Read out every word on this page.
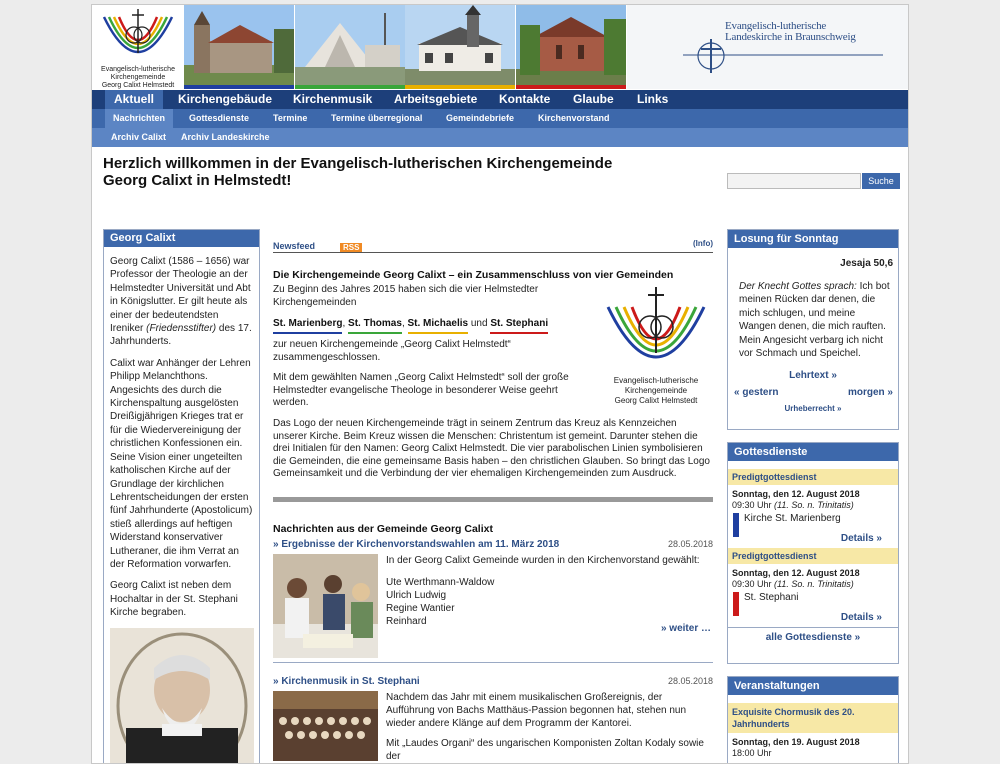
Evangelisch-lutherische
Kirchengemeinde
Georg Calixt Helmstedt
Evangelisch-lutherische
Landeskirche in Braunschweig
Aktuell	Kirchengebäude	Kirchenmusik	Arbeitsgebiete	Kontakte	Glaube	Links
Nachrichten	Gottesdienste	Termine	Termine überregional	Gemeindebriefe	Kirchenvorstand
Archiv Calixt	Archiv Landeskirche
Herzlich willkommen in der Evangelisch-lutherischen Kirchengemeinde
Georg Calixt in Helmstedt!	Suche
Georg Calixt

Georg Calixt (1586 – 1656) war Professor der Theologie an der Helmstedter Universität und Abt in Königslutter. Er gilt heute als einer der bedeutendsten Ireniker (Friedensstifter) des 17. Jahrhunderts.

Calixt war Anhänger der Lehren Philipp Melanchthons. Angesichts des durch die Kirchenspaltung ausgelösten Dreißigjährigen Krieges trat er für die Wiedervereinigung der christlichen Konfessionen ein. Seine Vision einer ungeteilten katholischen Kirche auf der Grundlage der kirchlichen Lehrentscheidungen der ersten fünf Jahrhunderte (Apostolicum) stieß allerdings auf heftigen Widerstand konservativer Lutheraner, die ihm Verrat an der Reformation vorwarfen.

Georg Calixt ist neben dem Hochaltar in der St. Stephani Kirche begraben.

Newsfeed	RSS	(Info)
Die Kirchengemeinde Georg Calixt – ein Zusammenschluss von vier Gemeinden
Zu Beginn des Jahres 2015 haben sich die vier Helmstedter Kirchengemeinden
St. Marienberg, St. Thomas, St. Michaelis und St. Stephani
zur neuen Kirchengemeinde „Georg Calixt Helmstedt“ zusammengeschlossen.
Mit dem gewählten Namen „Georg Calixt Helmstedt“ soll der große Helmstedter evangelische Theologe in besonderer Weise geehrt werden.
Evangelisch-lutherische
Kirchengemeinde
Georg Calixt Helmstedt
Das Logo der neuen Kirchengemeinde trägt in seinem Zentrum das Kreuz als Kennzeichen unserer Kirche. Beim Kreuz wissen die Menschen: Christentum ist gemeint. Darunter stehen die drei Initialen für den Namen: Georg Calixt Helmstedt. Die vier parabolischen Linien symbolisieren die Gemeinden, die eine gemeinsame Basis haben – den christlichen Glauben. So bringt das Logo Gemeinsamkeit und die Verbindung der vier ehemaligen Kirchengemeinden zum Ausdruck.
Nachrichten aus der Gemeinde Georg Calixt
» Ergebnisse der Kirchenvorstandswahlen am 11. März 2018	28.05.2018
In der Georg Calixt Gemeinde wurden in den Kirchenvorstand gewählt:
Ute Werthmann-Waldow
Ulrich Ludwig
Regine Wantier
Reinhard
» weiter …
» Kirchenmusik in St. Stephani	28.05.2018
Nachdem das Jahr mit einem musikalischen Großereignis, der Aufführung von Bachs Matthäus-Passion begonnen hat, stehen nun wieder andere Klänge auf dem Programm der Kantorei.
Mit „Laudes Organi“ des ungarischen Komponisten Zoltan Kodaly sowie der
Losung für Sonntag
Jesaja 50,6
Der Knecht Gottes sprach: Ich bot meinen Rücken dar denen, die mich schlugen, und meine Wangen denen, die mich rauften. Mein Angesicht verbarg ich nicht vor Schmach und Speichel.
Lehrtext »
« gestern	morgen »
Urheberrecht »
Gottesdienste
Predigtgottesdienst
Sonntag, den 12. August 2018
09:30 Uhr (11. So. n. Trinitatis)
Kirche St. Marienberg
Details »
Predigtgottesdienst
Sonntag, den 12. August 2018
09:30 Uhr (11. So. n. Trinitatis)
St. Stephani
Details »
alle Gottesdienste »
Veranstaltungen
Exquisite Chormusik des 20. Jahrhunderts
Sonntag, den 19. August 2018
18:00 Uhr
